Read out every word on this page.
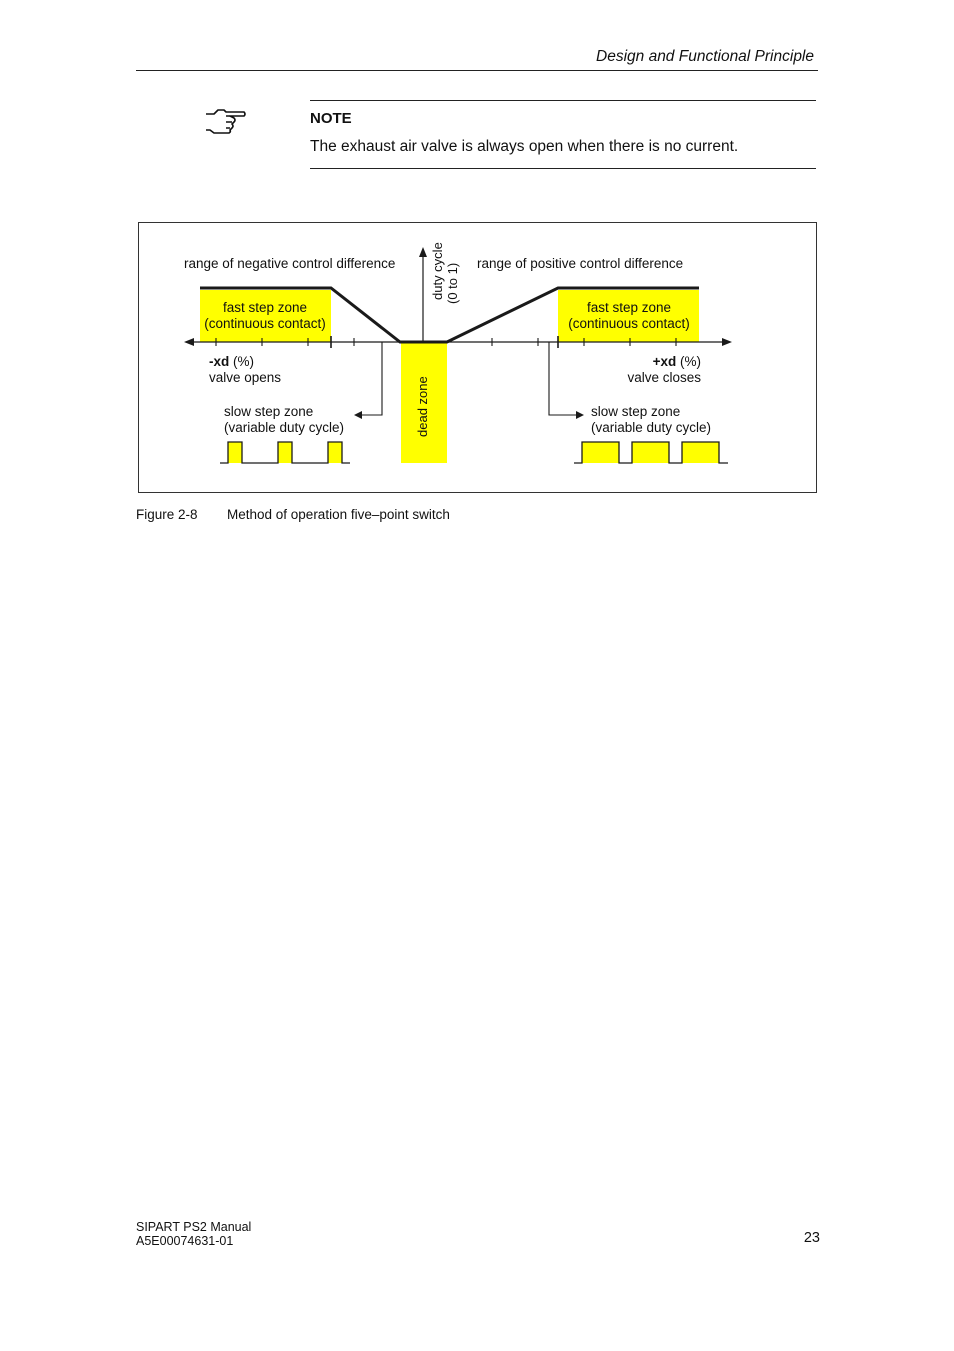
Design and Functional Principle
NOTE
The exhaust air valve is always open when there is no current.
range of negative control difference	range of positive control difference
duty cycle (0 to 1)
fast step zone
(continuous contact)
fast step zone
(continuous contact)
-xd (%)
valve opens
+xd (%)
valve closes
dead zone
slow step zone
(variable duty cycle)
slow step zone
(variable duty cycle)
Figure 2-8 Method of operation five–point switch
SIPART PS2 Manual
A5E00074631-01	23
